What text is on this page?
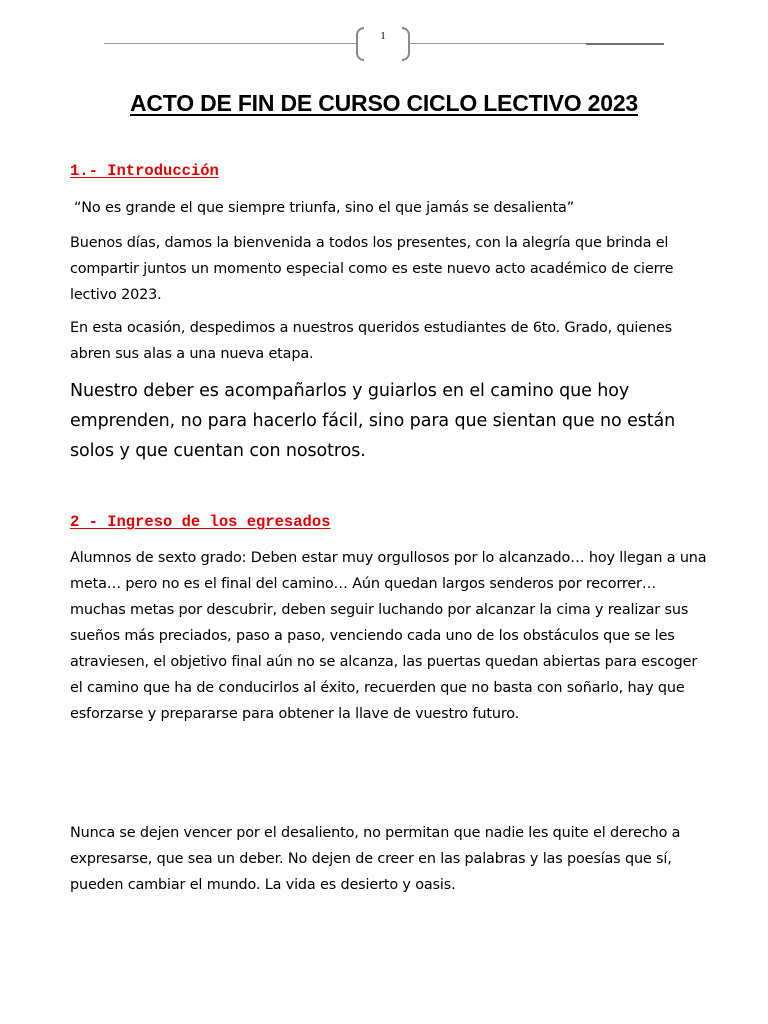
1
ACTO DE FIN DE CURSO CICLO LECTIVO 2023
1.- Introducción

“No es grande el que siempre triunfa, sino el que jamás se desalienta”

Buenos días, damos la bienvenida a todos los presentes, con la alegría que brinda el compartir juntos un momento especial como es este nuevo acto académico de cierre lectivo 2023.

En esta ocasión, despedimos a nuestros queridos estudiantes de 6to. Grado, quienes abren sus alas a una nueva etapa.

Nuestro deber es acompañarlos y guiarlos en el camino que hoy emprenden, no para hacerlo fácil, sino para que sientan que no están solos y que cuentan con nosotros.

2 - Ingreso de los egresados

Alumnos de sexto grado: Deben estar muy orgullosos por lo alcanzado… hoy llegan a una meta… pero no es el final del camino… Aún quedan largos senderos por recorrer… muchas metas por descubrir, deben seguir luchando por alcanzar la cima y realizar sus sueños más preciados, paso a paso, venciendo cada uno de los obstáculos que se les atraviesen, el objetivo final aún no se alcanza, las puertas quedan abiertas para escoger el camino que ha de conducirlos al éxito, recuerden que no basta con soñarlo, hay que esforzarse y prepararse para obtener la llave de vuestro futuro.

Nunca se dejen vencer por el desaliento, no permitan que nadie les quite el derecho a expresarse, que sea un deber. No dejen de creer en las palabras y las poesías que sí, pueden cambiar el mundo. La vida es desierto y oasis.
